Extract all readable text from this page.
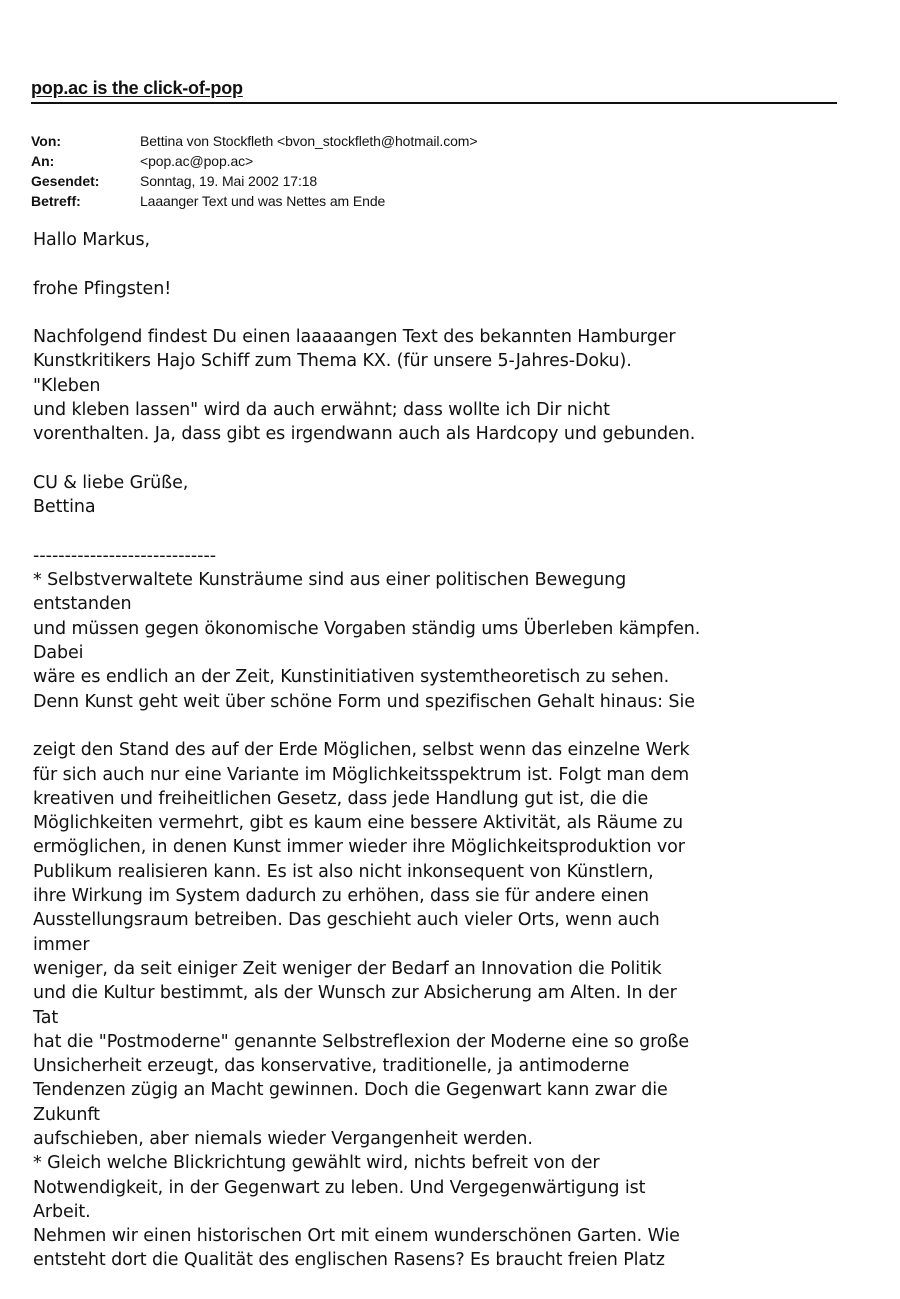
pop.ac is the click-of-pop
Von:	Bettina von Stockfleth <bvon_stockfleth@hotmail.com>
An:	<pop.ac@pop.ac>
Gesendet:	Sonntag, 19. Mai 2002 17:18
Betreff:	Laaanger Text und was Nettes am Ende
Hallo Markus,
frohe Pfingsten!
Nachfolgend findest Du einen laaaaangen Text des bekannten Hamburger
Kunstkritikers Hajo Schiff zum Thema KX. (für unsere 5-Jahres-Doku).
"Kleben
und kleben lassen" wird da auch erwähnt; dass wollte ich Dir nicht
vorenthalten. Ja, dass gibt es irgendwann auch als Hardcopy und gebunden.
CU & liebe Grüße,
Bettina
-----------------------------
* Selbstverwaltete Kunsträume sind aus einer politischen Bewegung
entstanden
und müssen gegen ökonomische Vorgaben ständig ums Überleben kämpfen.
Dabei
wäre es endlich an der Zeit, Kunstinitiativen systemtheoretisch zu sehen.
Denn Kunst geht weit über schöne Form und spezifischen Gehalt hinaus: Sie
zeigt den Stand des auf der Erde Möglichen, selbst wenn das einzelne Werk
für sich auch nur eine Variante im Möglichkeitsspektrum ist. Folgt man dem
kreativen und freiheitlichen Gesetz, dass jede Handlung gut ist, die die
Möglichkeiten vermehrt, gibt es kaum eine bessere Aktivität, als Räume zu
ermöglichen, in denen Kunst immer wieder ihre Möglichkeitsproduktion vor
Publikum realisieren kann. Es ist also nicht inkonsequent von Künstlern,
ihre Wirkung im System dadurch zu erhöhen, dass sie für andere einen
Ausstellungsraum betreiben. Das geschieht auch vieler Orts, wenn auch
immer
weniger, da seit einiger Zeit weniger der Bedarf an Innovation die Politik
und die Kultur bestimmt, als der Wunsch zur Absicherung am Alten. In der
Tat
hat die "Postmoderne" genannte Selbstreflexion der Moderne eine so große
Unsicherheit erzeugt, das konservative, traditionelle, ja antimoderne
Tendenzen zügig an Macht gewinnen. Doch die Gegenwart kann zwar die
Zukunft
aufschieben, aber niemals wieder Vergangenheit werden.
* Gleich welche Blickrichtung gewählt wird, nichts befreit von der
Notwendigkeit, in der Gegenwart zu leben. Und Vergegenwärtigung ist
Arbeit.
Nehmen wir einen historischen Ort mit einem wunderschönen Garten. Wie
entsteht dort die Qualität des englischen Rasens? Es braucht freien Platz
